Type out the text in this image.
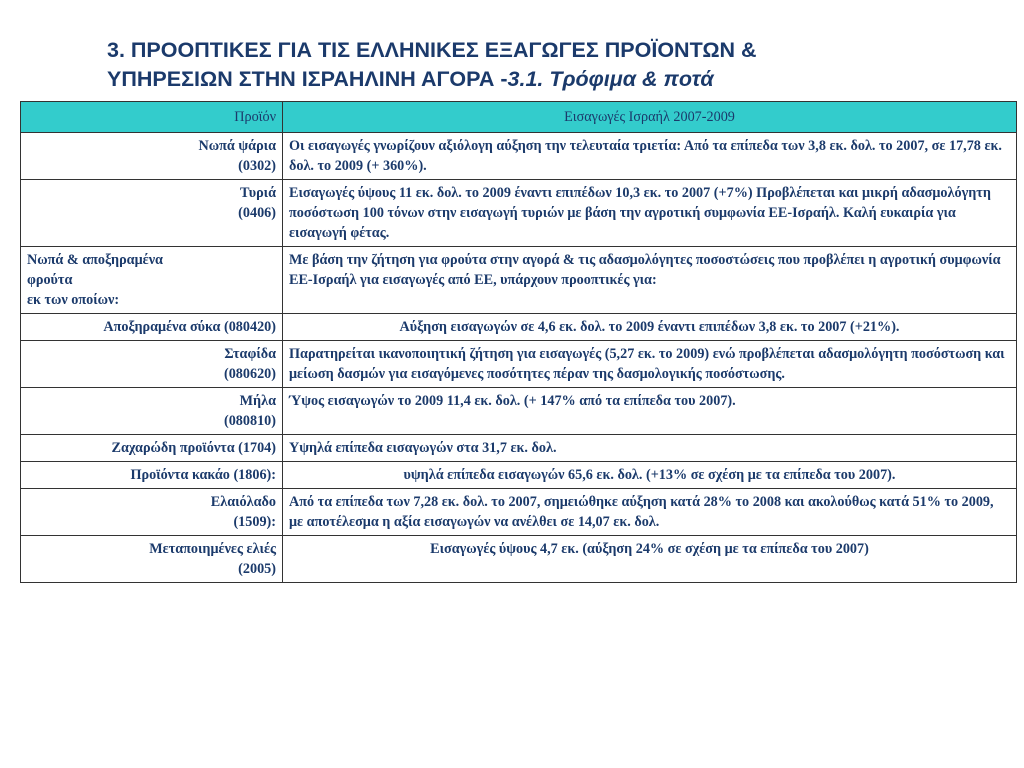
3. ΠΡΟΟΠΤΙΚΕΣ ΓΙΑ ΤΙΣ ΕΛΛΗΝΙΚΕΣ ΕΞΑΓΩΓΕΣ ΠΡΟΪΟΝΤΩΝ &
ΥΠΗΡΕΣΙΩΝ ΣΤΗΝ ΙΣΡΑΗΛΙΝΗ ΑΓΟΡΑ -3.1. Τρόφιμα & ποτά
Προϊόν	Εισαγωγές Ισραήλ 2007-2009

Νωπά ψάρια
(0302)	Οι εισαγωγές γνωρίζουν αξιόλογη αύξηση την τελευταία τριετία: Από τα επίπεδα των 3,8 εκ. δολ. το 2007, σε 17,78 εκ. δολ. το 2009 (+ 360%).

Τυριά
(0406)	Εισαγωγές ύψους 11 εκ. δολ. το 2009 έναντι επιπέδων 10,3 εκ. το 2007 (+7%) Προβλέπεται και μικρή αδασμολόγητη ποσόστωση 100 τόνων στην εισαγωγή τυριών με βάση την αγροτική συμφωνία ΕΕ-Ισραήλ. Καλή ευκαιρία για εισαγωγή φέτας.

Νωπά & αποξηραμένα
φρούτα
εκ των οποίων:	Με βάση την ζήτηση για φρούτα στην αγορά & τις αδασμολόγητες ποσοστώσεις που προβλέπει η αγροτική συμφωνία ΕΕ-Ισραήλ για εισαγωγές από ΕΕ, υπάρχουν προοπτικές για:

Αποξηραμένα σύκα (080420)	Αύξηση εισαγωγών σε 4,6 εκ. δολ. το 2009 έναντι επιπέδων 3,8 εκ. το 2007 (+21%).

Σταφίδα
(080620)	Παρατηρείται ικανοποιητική ζήτηση για εισαγωγές (5,27 εκ. το 2009) ενώ προβλέπεται αδασμολόγητη ποσόστωση και μείωση δασμών για εισαγόμενες ποσότητες πέραν της δασμολογικής ποσόστωσης.

Μήλα
(080810)	Ύψος εισαγωγών το 2009 11,4 εκ. δολ. (+ 147% από τα επίπεδα του 2007).

Ζαχαρώδη προϊόντα (1704)	Υψηλά επίπεδα εισαγωγών στα 31,7 εκ. δολ.

Προϊόντα κακάο (1806):	υψηλά επίπεδα εισαγωγών 65,6 εκ. δολ. (+13% σε σχέση με τα επίπεδα του 2007).

Ελαιόλαδο
(1509):	Από τα επίπεδα των 7,28 εκ. δολ. το 2007, σημειώθηκε αύξηση κατά 28% το 2008 και ακολούθως κατά 51% το 2009, με αποτέλεσμα η αξία εισαγωγών να ανέλθει σε 14,07 εκ. δολ.

Μεταποιημένες ελιές
(2005)	Εισαγωγές ύψους 4,7 εκ. (αύξηση 24% σε σχέση με τα επίπεδα του 2007)
